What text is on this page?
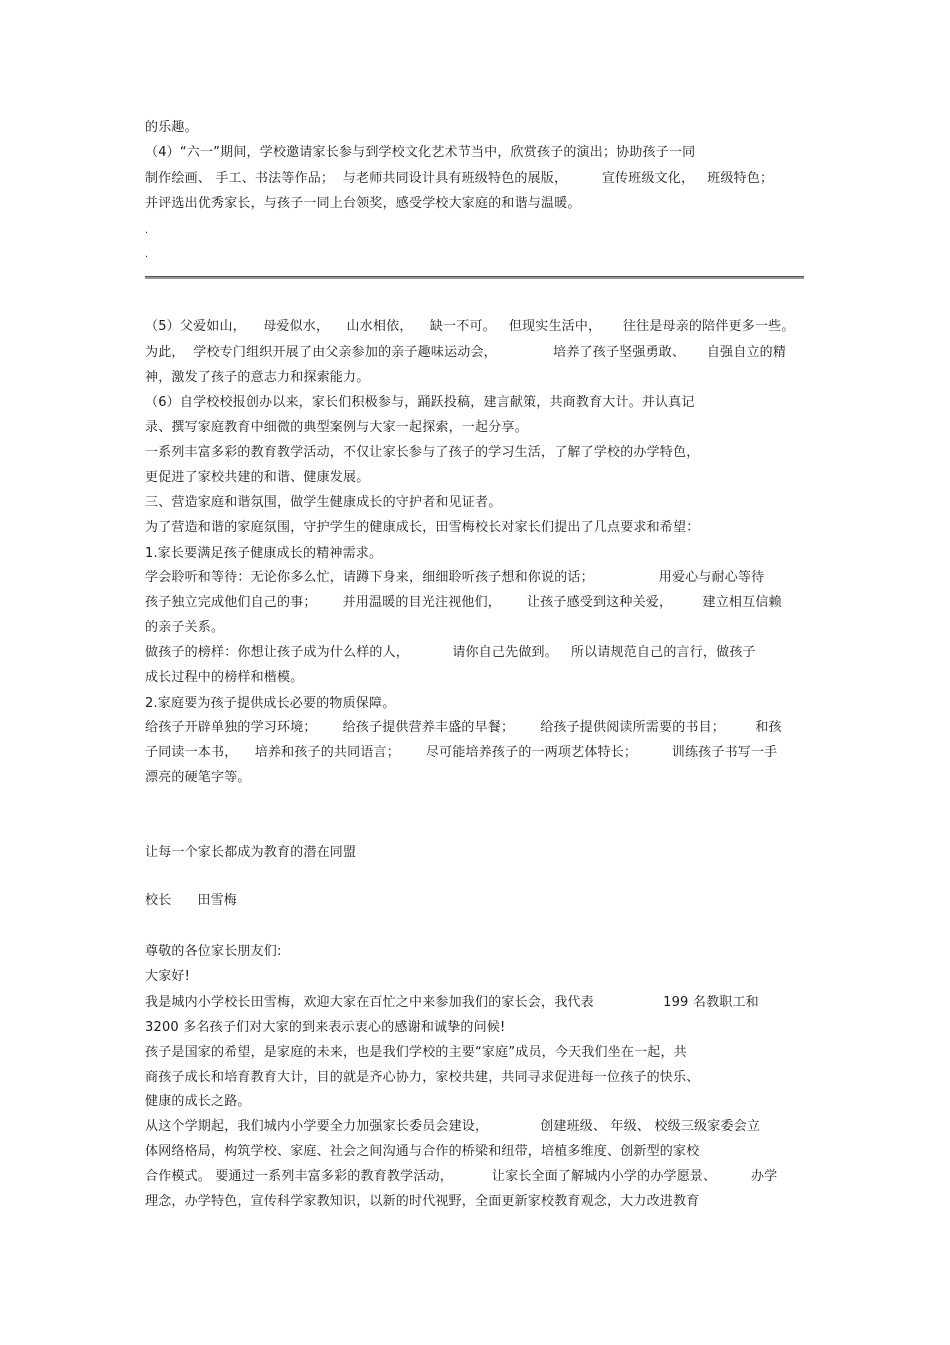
的乐趣。
（4）“六一”期间，学校邀请家长参与到学校文化艺术节当中，欣赏孩子的演出；协助孩子一同
制作绘画、 手工、书法等作品；  与老师共同设计具有班级特色的展版，        宣传班级文化，   班级特色；
并评选出优秀家长，与孩子一同上台领奖，感受学校大家庭的和谐与温暖。
.
.
（5）父爱如山，    母爱似水，    山水相依，    缺一不可。   但现实生活中，     往往是母亲的陪伴更多一些。
为此，  学校专门组织开展了由父亲参加的亲子趣味运动会，             培养了孩子坚强勇敢、     自强自立的精
神，激发了孩子的意志力和探索能力。
（6）自学校校报创办以来，家长们积极参与，踊跃投稿，建言献策，共商教育大计。并认真记
录、撰写家庭教育中细微的典型案例与大家一起探索，一起分享。
一系列丰富多彩的教育教学活动，不仅让家长参与了孩子的学习生活，了解了学校的办学特色，
更促进了家校共建的和谐、健康发展。
三、营造家庭和谐氛围，做学生健康成长的守护者和见证者。
为了营造和谐的家庭氛围，守护学生的健康成长，田雪梅校长对家长们提出了几点要求和希望：
1.家长要满足孩子健康成长的精神需求。
学会聆听和等待：无论你多么忙，请蹲下身来，细细聆听孩子想和你说的话；               用爱心与耐心等待
孩子独立完成他们自己的事；      并用温暖的目光注视他们，      让孩子感受到这种关爱，       建立相互信赖
的亲子关系。
做孩子的榜样：你想让孩子成为什么样的人，          请你自己先做到。   所以请规范自己的言行，做孩子
成长过程中的榜样和楷模。
2.家庭要为孩子提供成长必要的物质保障。
给孩子开辟单独的学习环境；      给孩子提供营养丰盛的早餐；      给孩子提供阅读所需要的书目；       和孩
子同读一本书，    培养和孩子的共同语言；      尽可能培养孩子的一两项艺体特长；        训练孩子书写一手
漂亮的硬笔字等。
让每一个家长都成为教育的潜在同盟
校长      田雪梅
尊敬的各位家长朋友们:
大家好!
我是城内小学校长田雪梅，欢迎大家在百忙之中来参加我们的家长会，我代表                199 名教职工和
3200 多名孩子们对大家的到来表示衷心的感谢和诚挚的问候!
孩子是国家的希望，是家庭的未来，也是我们学校的主要“家庭”成员，今天我们坐在一起，共
商孩子成长和培育教育大计，目的就是齐心协力，家校共建，共同寻求促进每一位孩子的快乐、
健康的成长之路。
从这个学期起，我们城内小学要全力加强家长委员会建设，            创建班级、 年级、 校级三级家委会立
体网络格局，构筑学校、家庭、社会之间沟通与合作的桥梁和纽带，培植多维度、创新型的家校
合作模式。 要通过一系列丰富多彩的教育教学活动，         让家长全面了解城内小学的办学愿景、        办学
理念，办学特色，宣传科学家教知识，以新的时代视野，全面更新家校教育观念，大力改进教育
